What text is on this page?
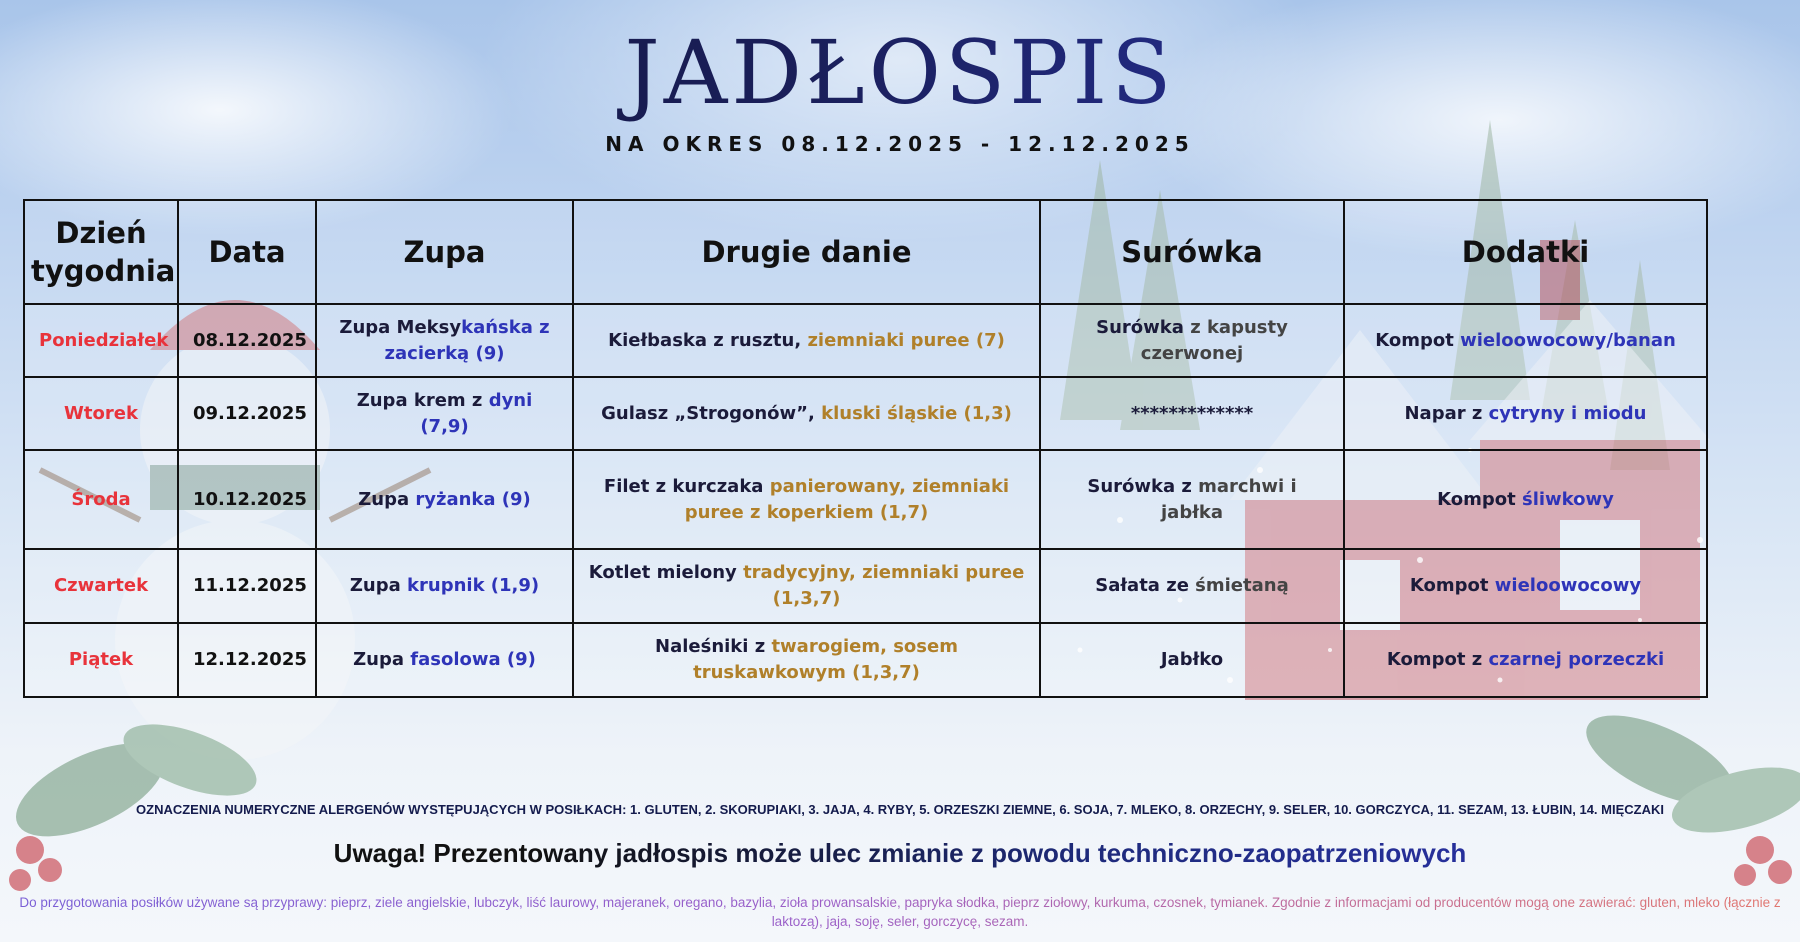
JADŁOSPIS
NA OKRES 08.12.2025 - 12.12.2025
Dzień tygodnia	Data	Zupa	Drugie danie	Surówka	Dodatki
Poniedziałek	08.12.2025	Zupa Meksykańska z zacierką (9)	Kiełbaska z rusztu, ziemniaki puree (7)	Surówka z kapusty czerwonej	Kompot wieloowocowy/banan
Wtorek	09.12.2025	Zupa krem z dyni (7,9)	Gulasz „Strogonów”, kluski śląskie (1,3)	*************	Napar z cytryny i miodu
Środa	10.12.2025	Zupa ryżanka (9)	Filet z kurczaka panierowany, ziemniaki puree z koperkiem (1,7)	Surówka z marchwi i jabłka	Kompot śliwkowy
Czwartek	11.12.2025	Zupa krupnik (1,9)	Kotlet mielony tradycyjny, ziemniaki puree (1,3,7)	Sałata ze śmietaną	Kompot wieloowocowy
Piątek	12.12.2025	Zupa fasolowa (9)	Naleśniki z twarogiem, sosem truskawkowym (1,3,7)	Jabłko	Kompot z czarnej porzeczki
OZNACZENIA NUMERYCZNE ALERGENÓW WYSTĘPUJĄCYCH W POSIŁKACH: 1. GLUTEN, 2. SKORUPIAKI, 3. JAJA, 4. RYBY, 5. ORZESZKI ZIEMNE, 6. SOJA, 7. MLEKO, 8. ORZECHY, 9. SELER, 10. GORCZYCA, 11. SEZAM, 13. ŁUBIN, 14. MIĘCZAKI
Uwaga! Prezentowany jadłospis może ulec zmianie z powodu techniczno-zaopatrzeniowych
Do przygotowania posiłków używane są przyprawy: pieprz, ziele angielskie, lubczyk, liść laurowy, majeranek, oregano, bazylia, zioła prowansalskie, papryka słodka, pieprz ziołowy, kurkuma, czosnek, tymianek. Zgodnie z informacjami od producentów mogą one zawierać: gluten, mleko (łącznie z laktozą), jaja, soję, seler, gorczycę, sezam.
